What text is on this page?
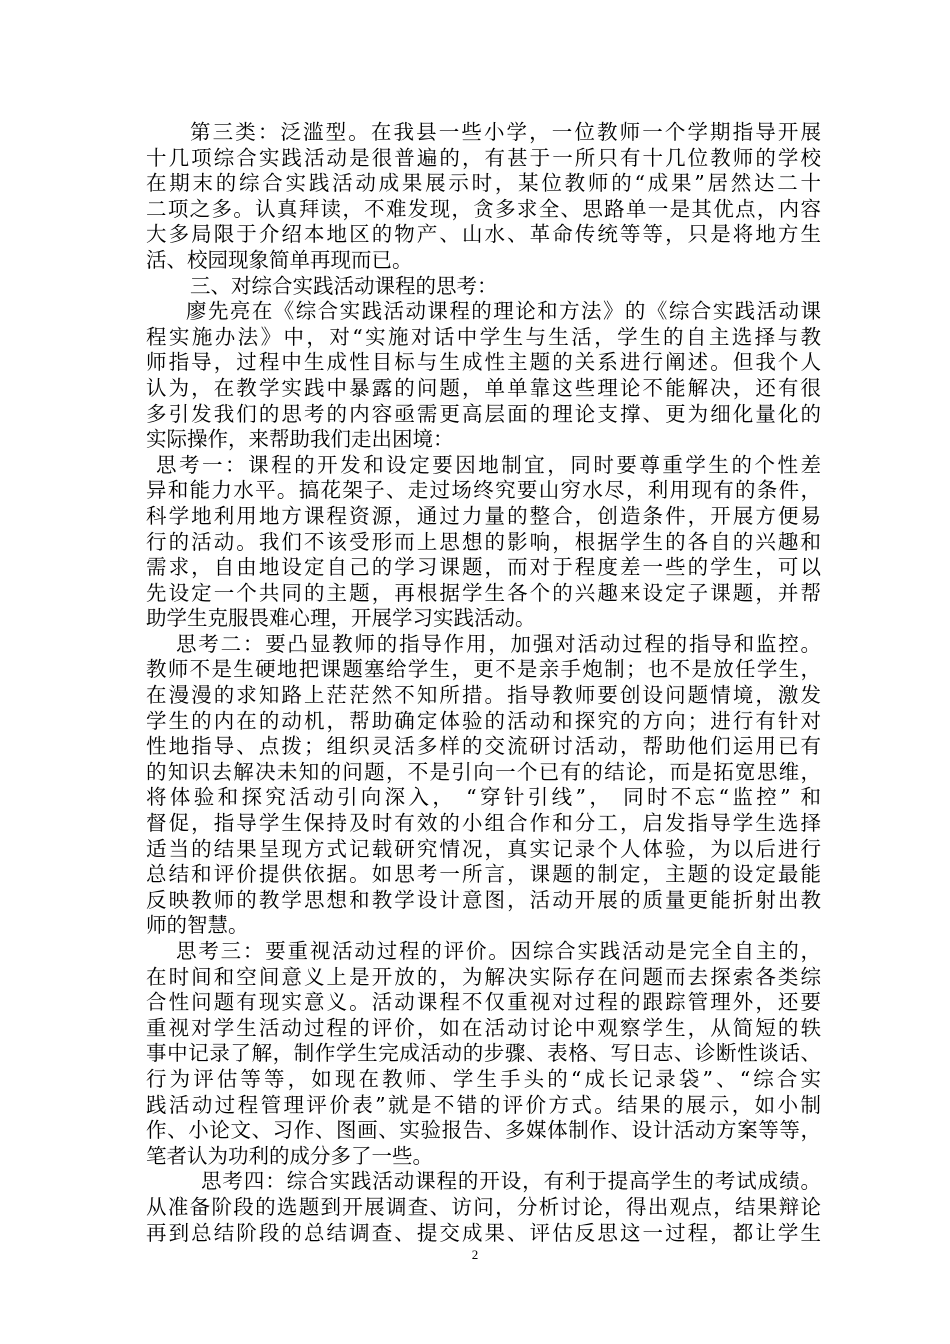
第三类：泛滥型。在我县一些小学，一位教师一个学期指导开展
十几项综合实践活动是很普遍的，有甚于一所只有十几位教师的学校
在期末的综合实践活动成果展示时，某位教师的“成果”居然达二十
二项之多。认真拜读，不难发现，贪多求全、思路单一是其优点，内容
大多局限于介绍本地区的物产、山水、革命传统等等，只是将地方生
活、校园现象简单再现而已。
三、对综合实践活动课程的思考：
廖先亮在《综合实践活动课程的理论和方法》的《综合实践活动课
程实施办法》中，对“实施对话中学生与生活，学生的自主选择与教
师指导，过程中生成性目标与生成性主题的关系进行阐述。但我个人
认为，在教学实践中暴露的问题，单单靠这些理论不能解决，还有很
多引发我们的思考的内容亟需更高层面的理论支撑、更为细化量化的
实际操作，来帮助我们走出困境：
思考一：课程的开发和设定要因地制宜，同时要尊重学生的个性差
异和能力水平。搞花架子、走过场终究要山穷水尽，利用现有的条件，
科学地利用地方课程资源，通过力量的整合，创造条件，开展方便易
行的活动。我们不该受形而上思想的影响，根据学生的各自的兴趣和
需求，自由地设定自己的学习课题，而对于程度差一些的学生，可以
先设定一个共同的主题，再根据学生各个的兴趣来设定子课题，并帮
助学生克服畏难心理，开展学习实践活动。
思考二：要凸显教师的指导作用，加强对活动过程的指导和监控。
教师不是生硬地把课题塞给学生，更不是亲手炮制；也不是放任学生，
在漫漫的求知路上茫茫然不知所措。指导教师要创设问题情境，激发
学生的内在的动机，帮助确定体验的活动和探究的方向；进行有针对
性地指导、点拨；组织灵活多样的交流研讨活动，帮助他们运用已有
的知识去解决未知的问题，不是引向一个已有的结论，而是拓宽思维，
将体验和探究活动引向深入， “穿针引线”， 同时不忘“监控” 和
督促，指导学生保持及时有效的小组合作和分工，启发指导学生选择
适当的结果呈现方式记载研究情况，真实记录个人体验，为以后进行
总结和评价提供依据。如思考一所言，课题的制定，主题的设定最能
反映教师的教学思想和教学设计意图，活动开展的质量更能折射出教
师的智慧。
思考三：要重视活动过程的评价。因综合实践活动是完全自主的，
在时间和空间意义上是开放的，为解决实际存在问题而去探索各类综
合性问题有现实意义。活动课程不仅重视对过程的跟踪管理外，还要
重视对学生活动过程的评价，如在活动讨论中观察学生，从简短的轶
事中记录了解，制作学生完成活动的步骤、表格、写日志、诊断性谈话、
行为评估等等，如现在教师、学生手头的“成长记录袋”、“综合实
践活动过程管理评价表”就是不错的评价方式。结果的展示，如小制
作、小论文、习作、图画、实验报告、多媒体制作、设计活动方案等等，
笔者认为功利的成分多了一些。
思考四：综合实践活动课程的开设，有利于提高学生的考试成绩。
从准备阶段的选题到开展调查、访问，分析讨论，得出观点，结果辩论
再到总结阶段的总结调查、提交成果、评估反思这一过程，都让学生
2
